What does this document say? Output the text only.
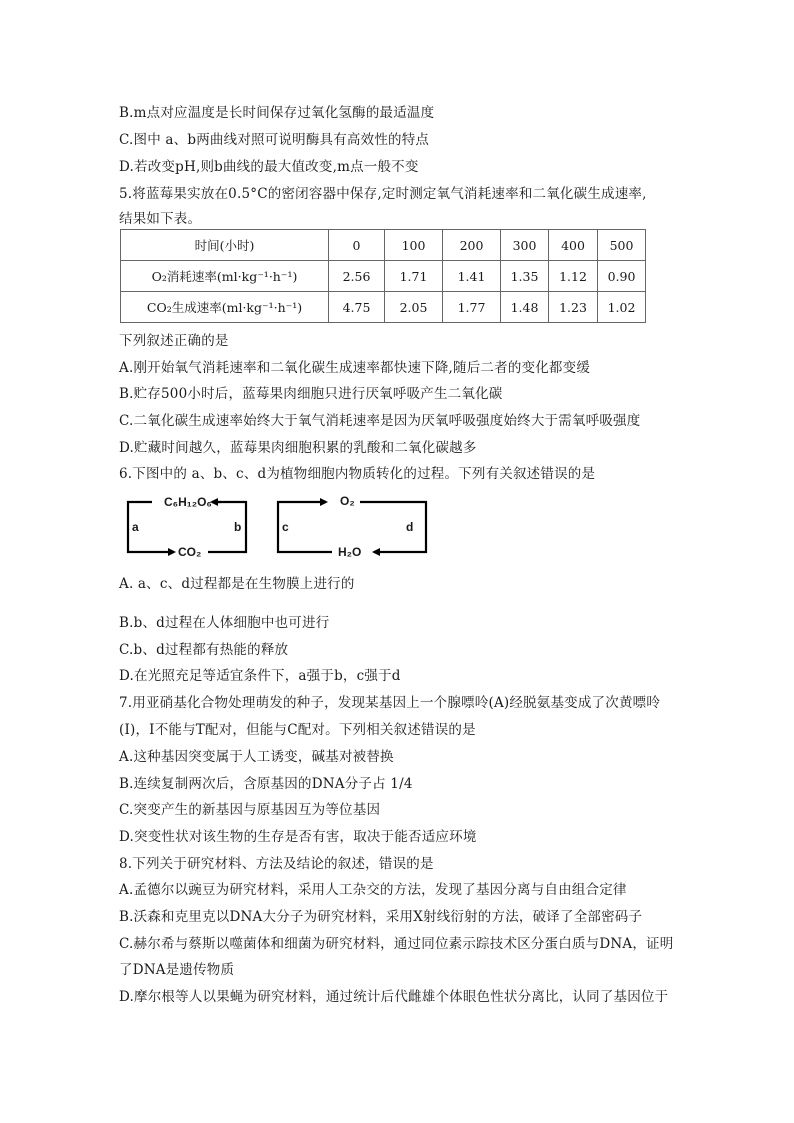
B.m点对应温度是长时间保存过氧化氢酶的最适温度
C.图中 a、b两曲线对照可说明酶具有高效性的特点
D.若改变pH,则b曲线的最大值改变,m点一般不变
5.将蓝莓果实放在0.5°C的密闭容器中保存,定时测定氧气消耗速率和二氧化碳生成速率,
结果如下表。
时间(小时)	0	100	200	300	400	500
O₂消耗速率(ml·kg⁻¹·h⁻¹)	2.56	1.71	1.41	1.35	1.12	0.90
CO₂生成速率(ml·kg⁻¹·h⁻¹)	4.75	2.05	1.77	1.48	1.23	1.02
下列叙述正确的是
A.刚开始氧气消耗速率和二氧化碳生成速率都快速下降,随后二者的变化都变缓
B.贮存500小时后，蓝莓果肉细胞只进行厌氧呼吸产生二氧化碳
C.二氧化碳生成速率始终大于氧气消耗速率是因为厌氧呼吸强度始终大于需氧呼吸强度
D.贮藏时间越久，蓝莓果肉细胞积累的乳酸和二氧化碳越多
6.下图中的 a、b、c、d为植物细胞内物质转化的过程。下列有关叙述错误的是
C₆H₁₂O₆
CO₂
a	b
O₂
H₂O
c	d
A. a、c、d过程都是在生物膜上进行的
B.b、d过程在人体细胞中也可进行
C.b、d过程都有热能的释放
D.在光照充足等适宜条件下，a强于b，c强于d
7.用亚硝基化合物处理萌发的种子，发现某基因上一个腺嘌呤(A)经脱氨基变成了次黄嘌呤
(I)，I不能与T配对，但能与C配对。下列相关叙述错误的是
A.这种基因突变属于人工诱变，碱基对被替换
B.连续复制两次后，含原基因的DNA分子占 1/4
C.突变产生的新基因与原基因互为等位基因
D.突变性状对该生物的生存是否有害，取决于能否适应环境
8.下列关于研究材料、方法及结论的叙述，错误的是
A.孟德尔以豌豆为研究材料，采用人工杂交的方法，发现了基因分离与自由组合定律
B.沃森和克里克以DNA大分子为研究材料，采用X射线衍射的方法，破译了全部密码子
C.赫尔希与蔡斯以噬菌体和细菌为研究材料，通过同位素示踪技术区分蛋白质与DNA，证明
了DNA是遗传物质
D.摩尔根等人以果蝇为研究材料，通过统计后代雌雄个体眼色性状分离比，认同了基因位于
